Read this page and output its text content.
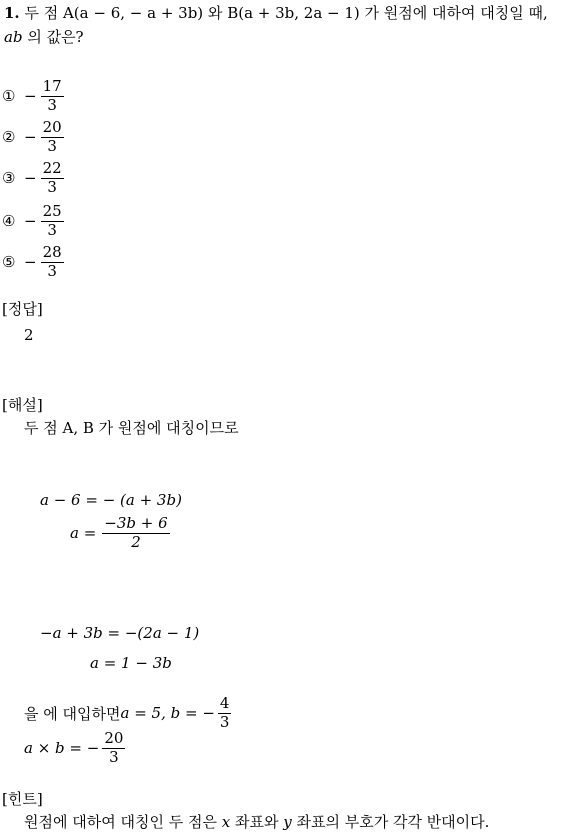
1. 두 점 A(a − 6, − a + 3b) 와 B(a + 3b, 2a − 1) 가 원점에 대하여 대칭일 때,
ab 의 값은?
① − $\frac{17}{3}$
② − $\frac{20}{3}$
③ − $\frac{22}{3}$
④ − $\frac{25}{3}$
⑤ − $\frac{28}{3}$
[정답]
2
[해설]
두 점 A, B 가 원점에 대칭이므로
a − 6 = − (a + 3b)
$a = \frac{-3b + 6}{2}$
−a + 3b = −(2a − 1)
a = 1 − 3b
을 에 대입하면 a = 5, b = − $\frac{4}{3}$
a × b = − $\frac{20}{3}$
[힌트]
원점에 대하여 대칭인 두 점은 x 좌표와 y 좌표의 부호가 각각 반대이다.
